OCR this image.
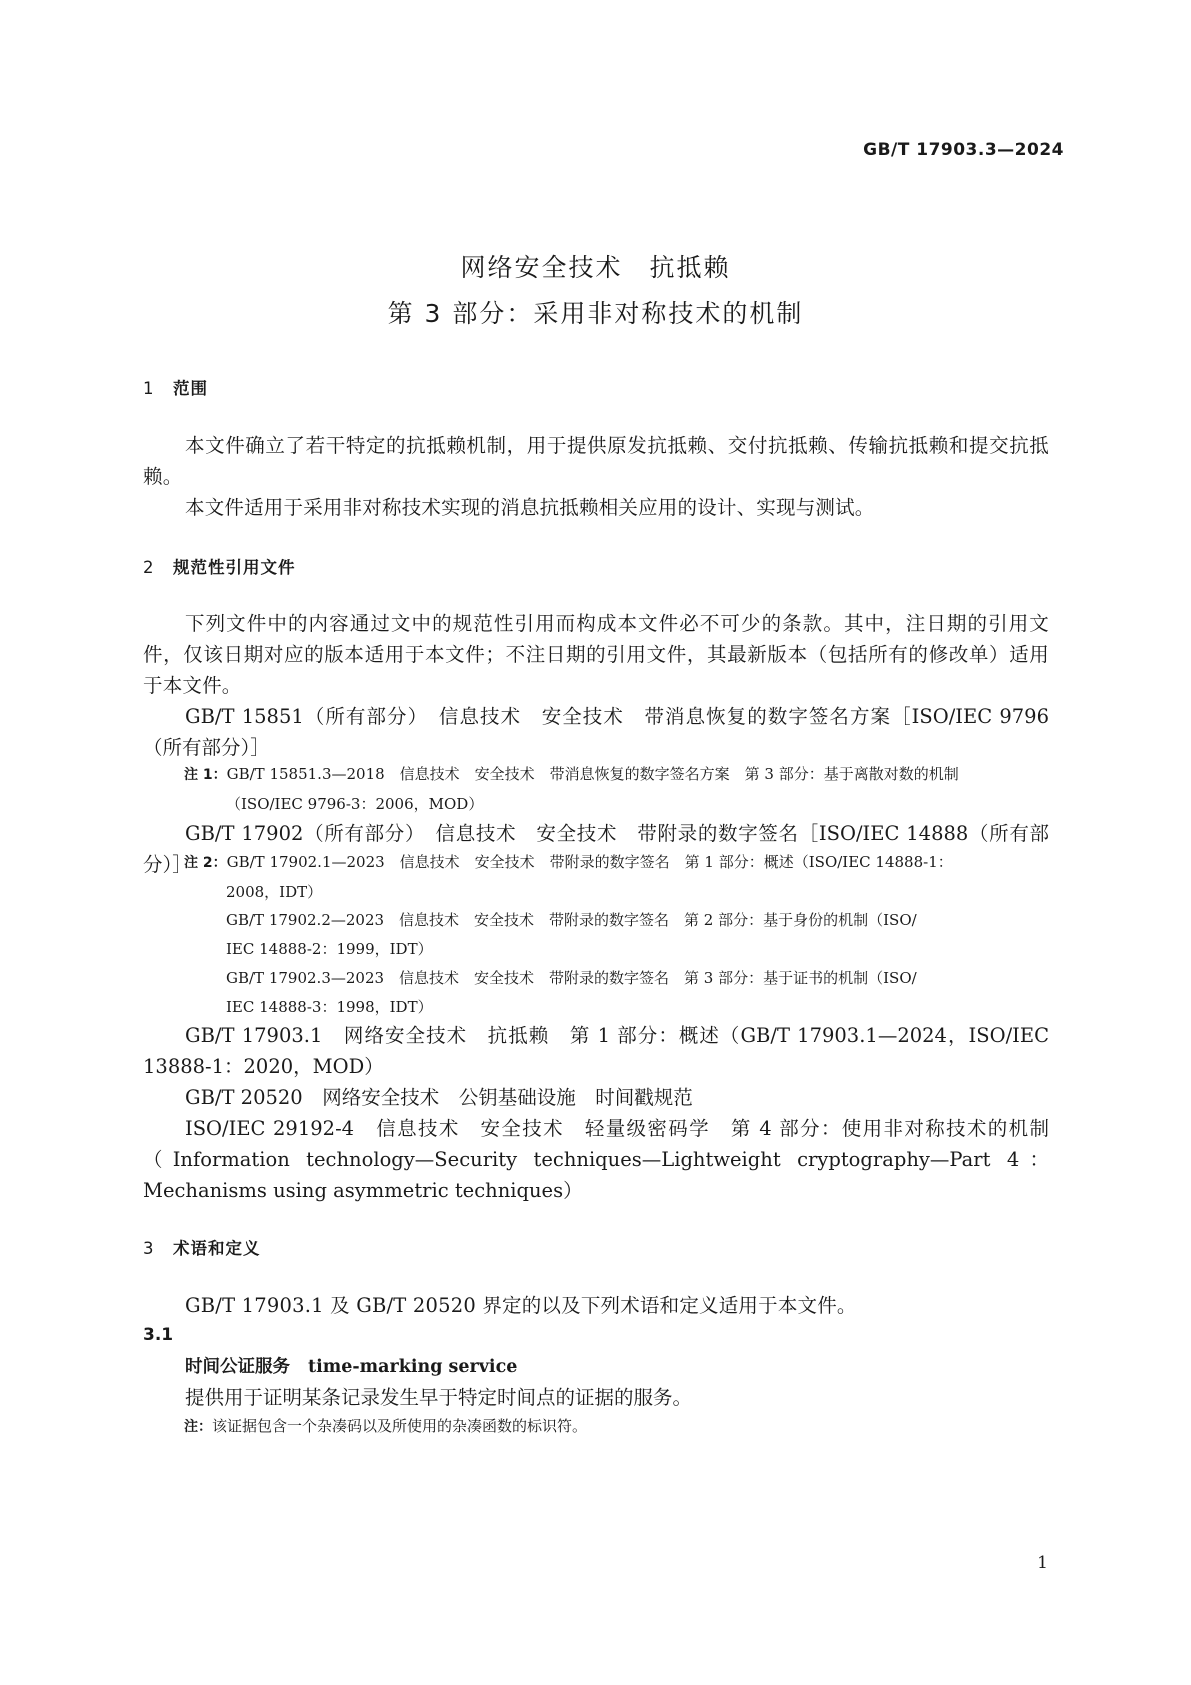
GB/T 17903.3—2024
网络安全技术　抗抵赖
第 3 部分：采用非对称技术的机制
1 范围
本文件确立了若干特定的抗抵赖机制，用于提供原发抗抵赖、交付抗抵赖、传输抗抵赖和提交抗抵赖。
本文件适用于采用非对称技术实现的消息抗抵赖相关应用的设计、实现与测试。
2 规范性引用文件
下列文件中的内容通过文中的规范性引用而构成本文件必不可少的条款。其中，注日期的引用文件，仅该日期对应的版本适用于本文件；不注日期的引用文件，其最新版本（包括所有的修改单）适用于本文件。
GB/T 15851（所有部分）　信息技术　安全技术　带消息恢复的数字签名方案［ISO/IEC 9796（所有部分）］
注 1：GB/T 15851.3—2018　信息技术　安全技术　带消息恢复的数字签名方案　第 3 部分：基于离散对数的机制
（ISO/IEC 9796-3：2006，MOD）
GB/T 17902（所有部分）　信息技术　安全技术　带附录的数字签名［ISO/IEC 14888（所有部分）］
注 2：GB/T 17902.1—2023　信息技术　安全技术　带附录的数字签名　第 1 部分：概述（ISO/IEC 14888-1：
2008，IDT）
GB/T 17902.2—2023　信息技术　安全技术　带附录的数字签名　第 2 部分：基于身份的机制（ISO/
IEC 14888-2：1999，IDT）
GB/T 17902.3—2023　信息技术　安全技术　带附录的数字签名　第 3 部分：基于证书的机制（ISO/
IEC 14888-3：1998，IDT）
GB/T 17903.1　网络安全技术　抗抵赖　第 1 部分：概述（GB/T 17903.1—2024，ISO/IEC 13888-1：2020，MOD）
GB/T 20520　网络安全技术　公钥基础设施　时间戳规范
ISO/IEC 29192-4　信息技术　安全技术　轻量级密码学　第 4 部分：使用非对称技术的机制（Information technology—Security techniques—Lightweight cryptography—Part 4：Mechanisms using asymmetric techniques）
3 术语和定义
GB/T 17903.1 及 GB/T 20520 界定的以及下列术语和定义适用于本文件。
3.1
时间公证服务 time-marking service
提供用于证明某条记录发生早于特定时间点的证据的服务。
注：该证据包含一个杂凑码以及所使用的杂凑函数的标识符。
1
